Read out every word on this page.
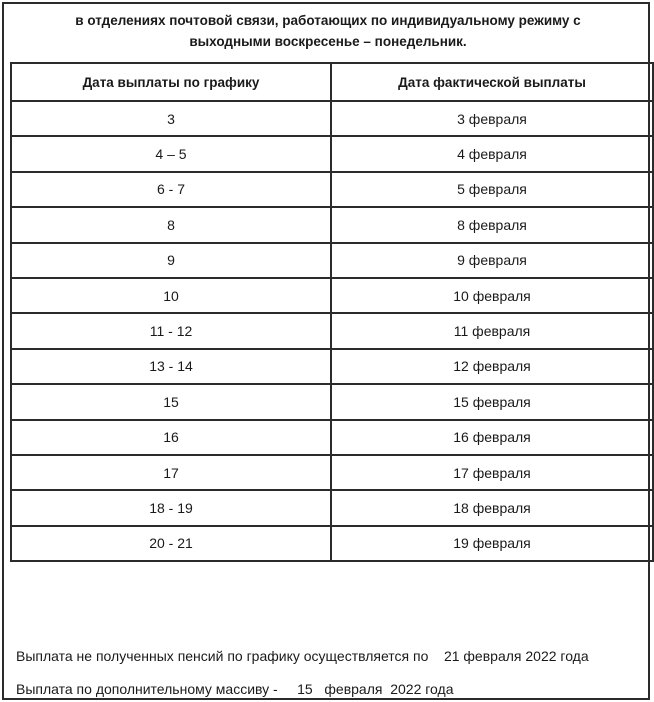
в отделениях почтовой связи, работающих по индивидуальному режиму с
выходными воскресенье – понедельник.
Дата выплаты по графику	Дата фактической выплаты
3	3 февраля
4 – 5	4 февраля
6 - 7	5 февраля
8	8 февраля
9	9 февраля
10	10 февраля
11 - 12	11 февраля
13 - 14	12 февраля
15	15 февраля
16	16 февраля
17	17 февраля
18 - 19	18 февраля
20 - 21	19 февраля
Выплата не полученных пенсий по графику осуществляется по    21 февраля 2022 года
Выплата по дополнительному массиву -     15   февраля  2022 года
